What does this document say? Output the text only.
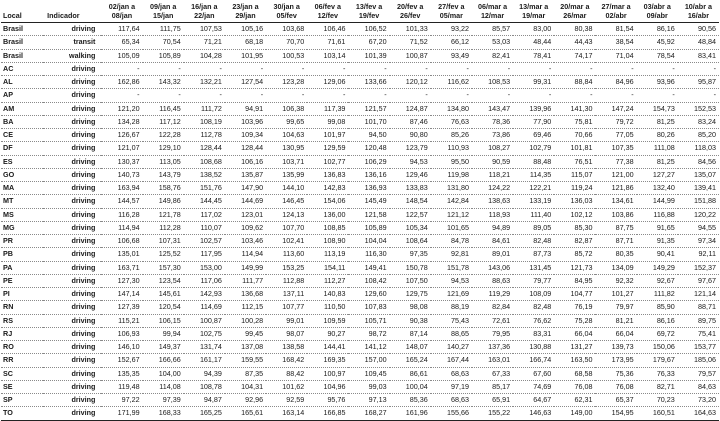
Local	Indicador	02/jan a 08/jan	09/jan a 15/jan	16/jan a 22/jan	23/jan a 29/jan	30/jan a 05/fev	06/fev a 12/fev	13/fev a 19/fev	20/fev a 26/fev	27/fev a 05/mar	06/mar a 12/mar	13/mar a 19/mar	20/mar a 26/mar	27/mar a 02/abr	03/abr a 09/abr	10/abr a 16/abr
Brasil	driving	117,64	111,75	107,53	105,16	103,68	106,46	106,52	101,33	93,22	85,57	83,00	80,38	81,54	86,16	90,56
Brasil	transit	65,34	70,54	71,21	68,18	70,70	71,61	67,20	71,52	66,12	53,03	48,44	44,43	38,54	45,92	48,84
Brasil	walking	105,09	105,89	104,28	101,95	100,53	103,14	101,39	100,87	93,49	82,41	78,41	74,17	71,04	78,54	83,41
AC	driving	-	-	-	-	-	-	-	-	-	-	-	-	-	-	-
AL	driving	162,86	143,32	132,21	127,54	123,28	129,06	133,66	120,12	116,62	108,53	99,31	88,84	84,96	93,96	95,87
AP	driving	-	-	-	-	-	-	-	-	-	-	-	-	-	-	-
AM	driving	121,20	116,45	111,72	94,91	106,38	117,39	121,57	124,87	134,80	143,47	139,96	141,30	147,24	154,73	152,53
BA	driving	134,28	117,12	108,19	103,96	99,65	99,08	101,70	87,46	76,63	78,36	77,90	75,81	79,72	81,25	83,24
CE	driving	126,67	122,28	112,78	109,34	104,63	101,97	94,50	90,80	85,26	73,86	69,46	70,66	77,05	80,26	85,20
DF	driving	121,07	129,10	128,44	128,44	130,95	129,59	120,48	123,79	110,93	108,27	102,79	101,81	107,35	111,08	118,03
ES	driving	130,37	113,05	108,68	106,16	103,71	102,77	106,29	94,53	95,50	90,59	88,48	76,51	77,38	81,25	84,56
GO	driving	140,73	143,79	138,52	135,87	135,99	136,83	136,16	129,46	119,98	118,21	114,35	115,07	121,00	127,27	135,07
MA	driving	163,94	158,76	151,76	147,90	144,10	142,83	136,93	133,83	131,80	124,22	122,21	119,24	121,86	132,40	139,41
MT	driving	144,57	149,86	144,45	144,69	146,45	154,06	145,49	148,54	142,84	138,63	133,19	136,03	134,61	144,99	151,88
MS	driving	116,28	121,78	117,02	123,01	124,13	136,00	121,58	122,57	121,12	118,93	111,40	102,12	103,86	116,88	120,22
MG	driving	114,94	112,28	110,07	109,62	107,70	108,85	105,89	105,34	101,65	94,89	89,05	85,30	87,75	91,65	94,55
PR	driving	106,68	107,31	102,57	103,46	102,41	108,90	104,04	108,64	84,78	84,61	82,48	82,87	87,71	91,35	97,34
PB	driving	135,01	125,52	117,95	114,94	113,60	113,19	116,30	97,35	92,81	89,01	87,73	85,72	80,35	90,41	92,11
PA	driving	163,71	157,30	153,00	149,99	153,25	154,11	149,41	150,78	151,78	143,06	131,45	121,73	134,09	149,29	152,37
PE	driving	127,30	123,54	117,06	111,77	112,88	112,27	108,42	107,50	94,53	88,63	79,77	84,95	92,32	92,67	97,67
PI	driving	147,14	145,61	142,93	136,68	137,11	140,83	129,60	129,75	121,69	119,29	108,09	104,77	101,27	111,82	121,14
RN	driving	127,39	120,54	114,69	112,15	107,77	110,50	107,83	98,08	88,19	82,84	82,48	76,19	79,97	85,90	88,71
RS	driving	115,21	106,15	100,87	100,28	99,01	109,59	105,71	90,38	75,43	72,61	76,62	75,28	81,21	86,16	89,75
RJ	driving	106,93	99,94	102,75	99,45	98,07	90,27	98,72	87,14	88,65	79,95	83,31	66,04	66,04	69,72	75,41
RO	driving	146,10	149,37	131,74	137,08	138,58	144,41	141,12	148,07	140,27	137,36	130,88	131,27	139,73	150,06	153,77
RR	driving	152,67	166,66	161,17	159,55	168,42	169,35	157,00	165,24	167,44	163,01	166,74	163,50	173,95	179,67	185,06
SC	driving	135,35	104,00	94,39	87,35	88,42	100,97	109,45	86,61	68,63	67,33	67,60	68,58	75,36	76,33	79,57
SE	driving	119,48	114,08	108,78	104,31	101,62	104,96	99,03	100,04	97,19	85,17	74,69	76,08	76,08	82,71	84,63
SP	driving	97,22	97,39	94,87	92,96	92,59	95,76	97,13	85,36	68,63	65,91	64,67	62,31	65,37	70,23	73,20
TO	driving	171,99	168,33	165,25	165,61	163,14	166,85	168,27	161,96	155,66	155,22	146,63	149,00	154,95	160,51	164,63
